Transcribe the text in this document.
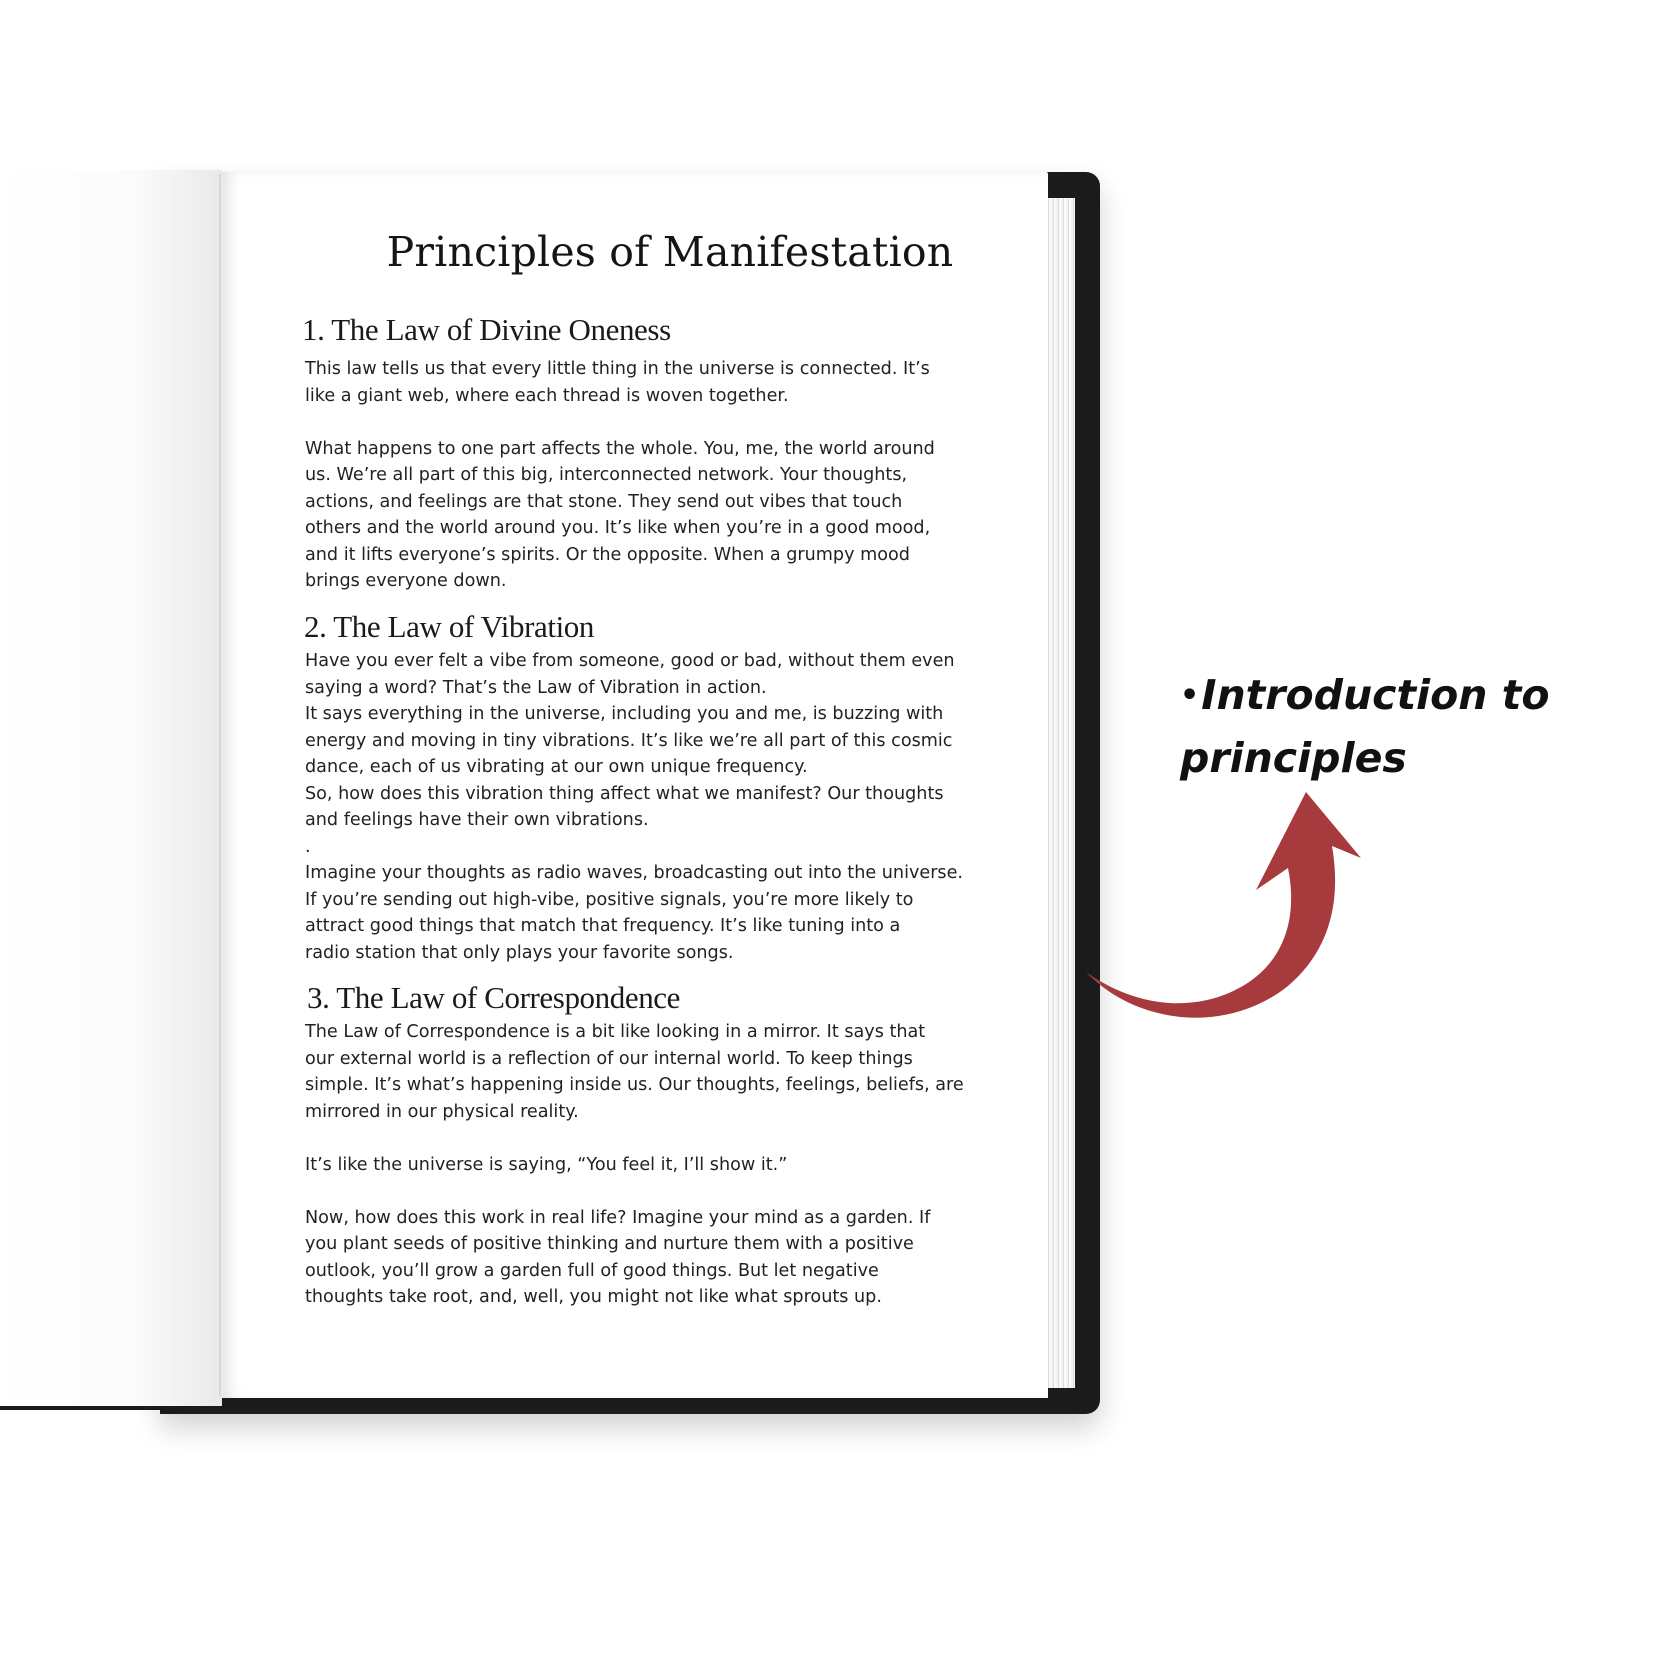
Principles of Manifestation
1. The Law of Divine Oneness

This law tells us that every little thing in the universe is connected. It’s
like a giant web, where each thread is woven together.

What happens to one part affects the whole. You, me, the world around
us. We’re all part of this big, interconnected network. Your thoughts,
actions, and feelings are that stone. They send out vibes that touch
others and the world around you. It’s like when you’re in a good mood,
and it lifts everyone’s spirits. Or the opposite. When a grumpy mood
brings everyone down.

2. The Law of Vibration

Have you ever felt a vibe from someone, good or bad, without them even
saying a word? That’s the Law of Vibration in action.
It says everything in the universe, including you and me, is buzzing with
energy and moving in tiny vibrations. It’s like we’re all part of this cosmic
dance, each of us vibrating at our own unique frequency.
So, how does this vibration thing affect what we manifest? Our thoughts
and feelings have their own vibrations.
.
Imagine your thoughts as radio waves, broadcasting out into the universe.
If you’re sending out high-vibe, positive signals, you’re more likely to
attract good things that match that frequency. It’s like tuning into a
radio station that only plays your favorite songs.

3. The Law of Correspondence

The Law of Correspondence is a bit like looking in a mirror. It says that
our external world is a reflection of our internal world. To keep things
simple. It’s what’s happening inside us. Our thoughts, feelings, beliefs, are
mirrored in our physical reality.

It’s like the universe is saying, “You feel it, I’ll show it.”

Now, how does this work in real life? Imagine your mind as a garden. If
you plant seeds of positive thinking and nurture them with a positive
outlook, you’ll grow a garden full of good things. But let negative
thoughts take root, and, well, you might not like what sprouts up.

•Introduction to principles
